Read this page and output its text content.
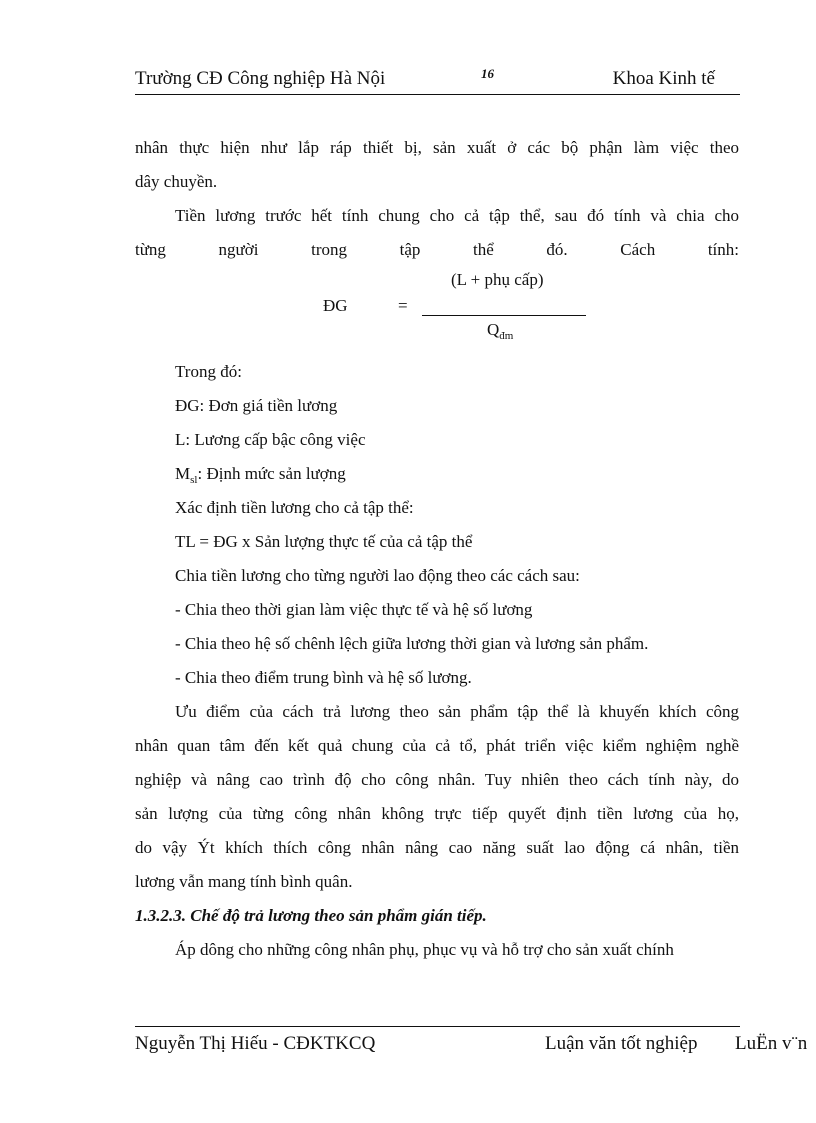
Trường CĐ Công nghiệp Hà Nội	16	Khoa Kinh tế
nhân thực hiện như lắp ráp thiết bị, sản xuất ở các bộ phận làm việc theo
dây chuyền.
Tiền lương trước hết tính chung cho cả tập thể, sau đó tính và chia cho
từng người trong tập thể đó. Cách tính:
ĐG	=
(L + phụ cấp)
$Q_{đm}$
Trong đó:
ĐG: Đơn giá tiền lương
L: Lương cấp bậc công việc
$M_{sl}$: Định mức sản lượng
Xác định tiền lương cho cả tập thể:
TL = ĐG x Sản lượng thực tế của cả tập thể
Chia tiền lương cho từng người lao động theo các cách sau:
- Chia theo thời gian làm việc thực tế và hệ số lương
- Chia theo hệ số chênh lệch giữa lương thời gian và lương sản phẩm.
- Chia theo điểm trung bình và hệ số lương.
Ưu điểm của cách trả lương theo sản phẩm tập thể là khuyến khích công
nhân quan tâm đến kết quả chung của cả tổ, phát triển việc kiểm nghiệm nghề
nghiệp và nâng cao trình độ cho công nhân. Tuy nhiên theo cách tính này, do
sản lượng của từng công nhân không trực tiếp quyết định tiền lương của họ,
do vậy Ýt khích thích công nhân nâng cao năng suất lao động cá nhân, tiền
lương vẫn mang tính bình quân.
1.3.2.3. Chế độ trả lương theo sản phẩm gián tiếp.
Áp dông cho những công nhân phụ, phục vụ và hỗ trợ cho sản xuất chính
Nguyễn Thị Hiếu - CĐKTKCQ	Luận văn tốt nghiệp LuËn v¨n
